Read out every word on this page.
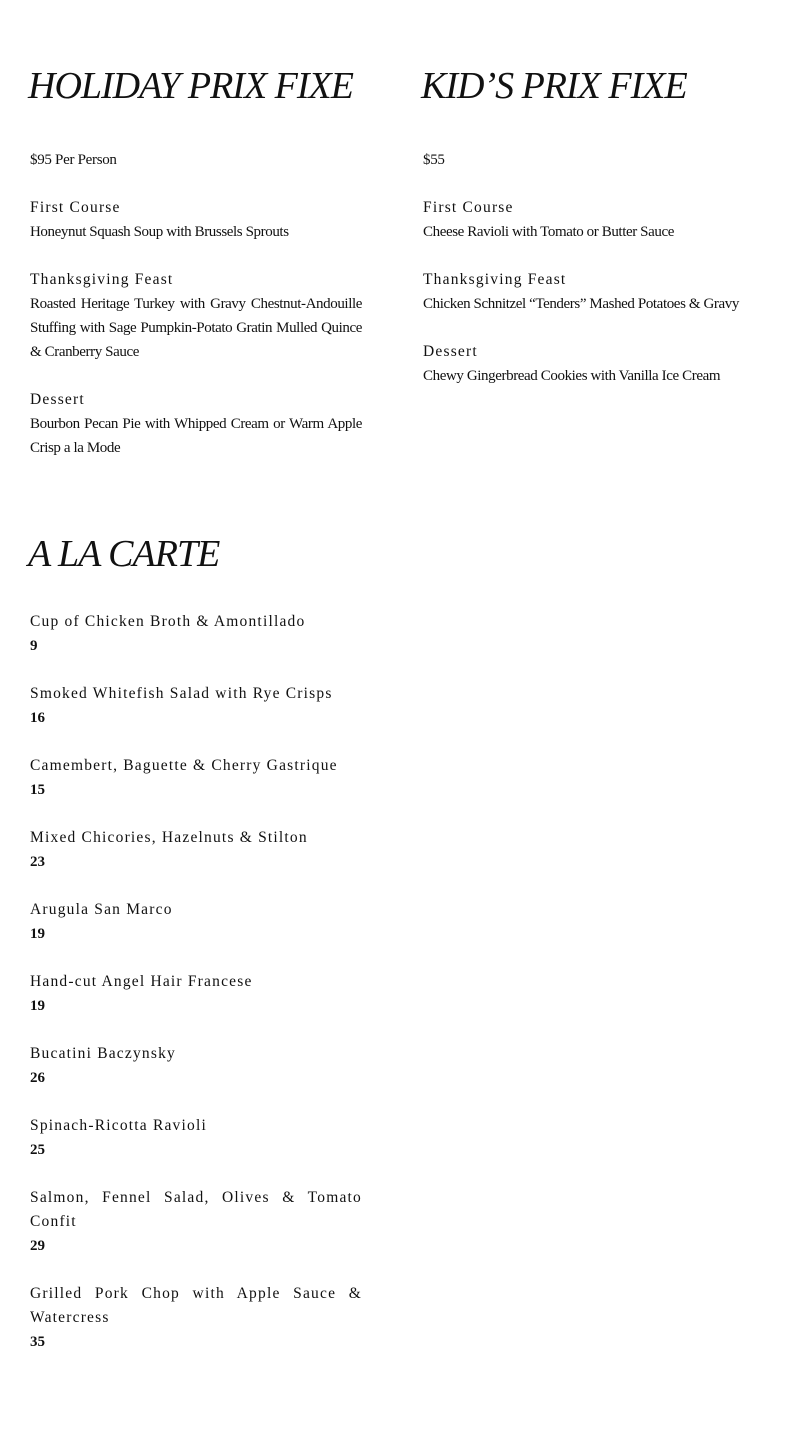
HOLIDAY PRIX FIXE
$95 Per Person
First Course
Honeynut Squash Soup with Brussels Sprouts
Thanksgiving Feast
Roasted Heritage Turkey with Gravy Chestnut-Andouille Stuffing with Sage Pumpkin-Potato Gratin Mulled Quince & Cranberry Sauce
Dessert
Bourbon Pecan Pie with Whipped Cream or Warm Apple Crisp a la Mode
KID’S PRIX FIXE
$55
First Course
Cheese Ravioli with Tomato or Butter Sauce
Thanksgiving Feast
Chicken Schnitzel “Tenders” Mashed Potatoes & Gravy
Dessert
Chewy Gingerbread Cookies with Vanilla Ice Cream
A LA CARTE
Cup of Chicken Broth & Amontillado
9
Smoked Whitefish Salad with Rye Crisps
16
Camembert, Baguette & Cherry Gastrique
15
Mixed Chicories, Hazelnuts & Stilton
23
Arugula San Marco
19
Hand-cut Angel Hair Francese
19
Bucatini Baczynsky
26
Spinach-Ricotta Ravioli
25
Salmon, Fennel Salad, Olives & Tomato Confit
29
Grilled Pork Chop with Apple Sauce & Watercress
35
